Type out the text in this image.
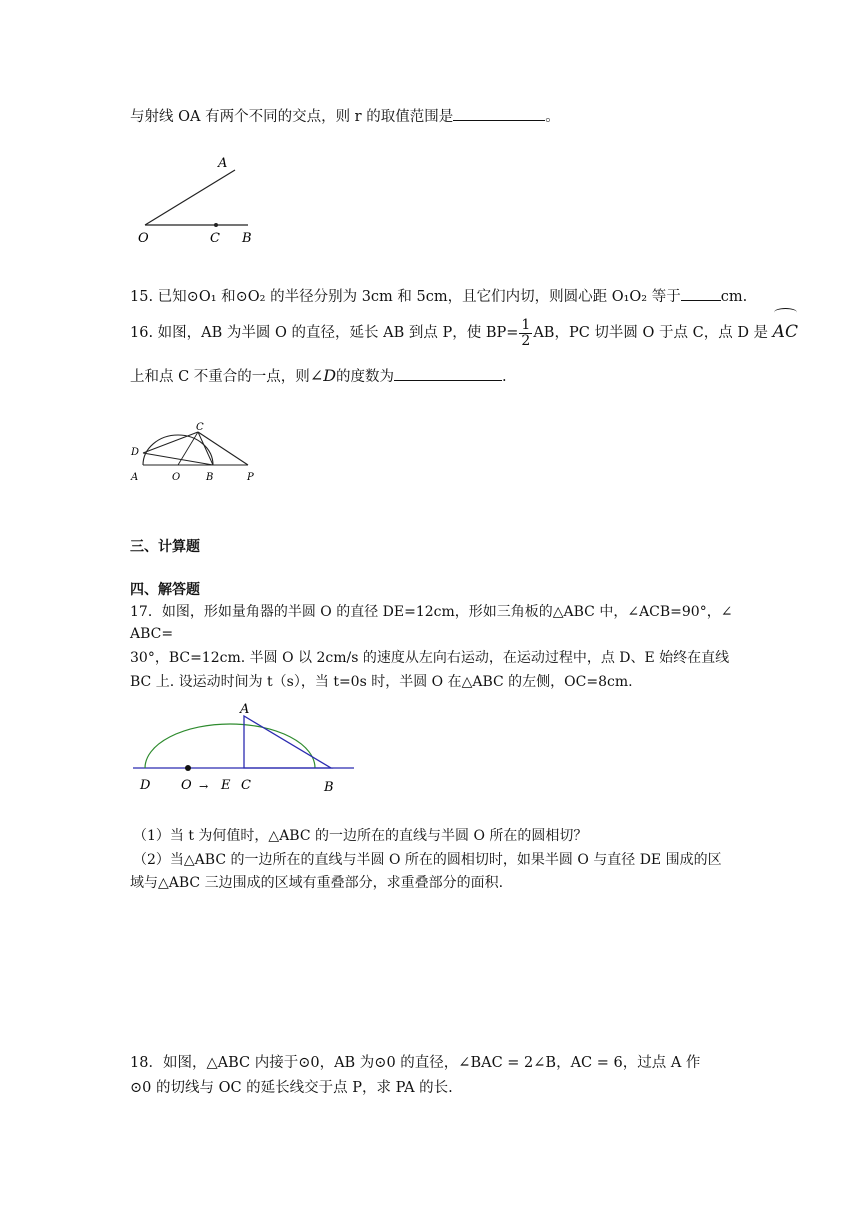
与射线 OA 有两个不同的交点，则 r 的取值范围是	。
A
O	C B
15. 已知⊙O₁ 和⊙O₂ 的半径分别为 3cm 和 5cm，且它们内切，则圆心距 O₁O₂ 等于	cm.
16. 如图，AB 为半圆 O 的直径，延长 AB 到点 P，使 $BP= \frac{1}{2}$ AB，PC 切半圆 O 于点 C，点 D 是 AC
上和点 C 不重合的一点，则∠D的度数为	.
C
D
A	O	B	P
三、计算题
四、解答题
17．如图，形如量角器的半圆 O 的直径 DE=12cm，形如三角板的△ABC 中，∠ACB=90°，∠
ABC=
30°，BC=12cm. 半圆 O 以 2cm/s 的速度从左向右运动，在运动过程中，点 D、E 始终在直线
BC 上. 设运动时间为 t（s），当 t=0s 时，半圆 O 在△ABC 的左侧，OC=8cm.
A
D O → E C	B
（1）当 t 为何值时，△ABC 的一边所在的直线与半圆 O 所在的圆相切？
（2）当△ABC 的一边所在的直线与半圆 O 所在的圆相切时，如果半圆 O 与直径 DE 围成的区
域与△ABC 三边围成的区域有重叠部分，求重叠部分的面积.
18．如图，△ABC 内接于⊙0，AB 为⊙0 的直径，∠BAC = 2∠B，AC = 6，过点 A 作
⊙0 的切线与 OC 的延长线交于点 P，求 PA 的长.
